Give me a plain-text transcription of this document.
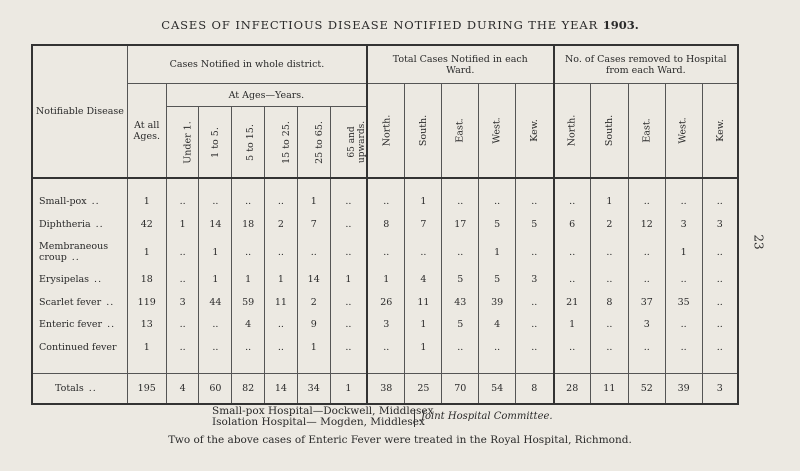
CASES OF INFECTIOUS DISEASE NOTIFIED DURING THE YEAR 1903.
23
Notifiable Disease	Cases Notified in whole district.							Total Cases Notified in each Ward.					No. of Cases removed to Hospital from each Ward.				
	At all Ages.	At Ages—Years.						North.	South.	East.	West.	Kew.	North.	South.	East.	West.	Kew.
		Under 1.	1 to 5.	5 to 15.	15 to 25.	25 to 65.	65 and upwards.										

Small-pox ..	1	..	..	..	..	1	..	..	1	..	..	..	..	1	..	..	..
Diphtheria ..	42	1	14	18	2	7	..	8	7	17	5	5	6	2	12	3	3
Membraneous croup ..	1	..	1	..	..	..	..	..	..	..	1	..	..	..	..	1	..
Erysipelas ..	18	..	1	1	1	14	1	1	4	5	5	3	..	..	..	..	..
Scarlet fever ..	119	3	44	59	11	2	..	26	11	43	39	..	21	8	37	35	..
Enteric fever ..	13	..	..	4	..	9	..	3	1	5	4	..	1	..	3	..	..
Continued fever	1	..	..	..	..	1	..	..	1	..	..	..	..	..	..	..	..

Totals ..	195	4	60	82	14	34	1	38	25	70	54	8	28	11	52	39	3
Small-pox Hospital—Dockwell, Middlesex
Isolation Hospital— Mogden, Middlesex
Joint Hospital Committee.
Two of the above cases of Enteric Fever were treated in the Royal Hospital, Richmond.
